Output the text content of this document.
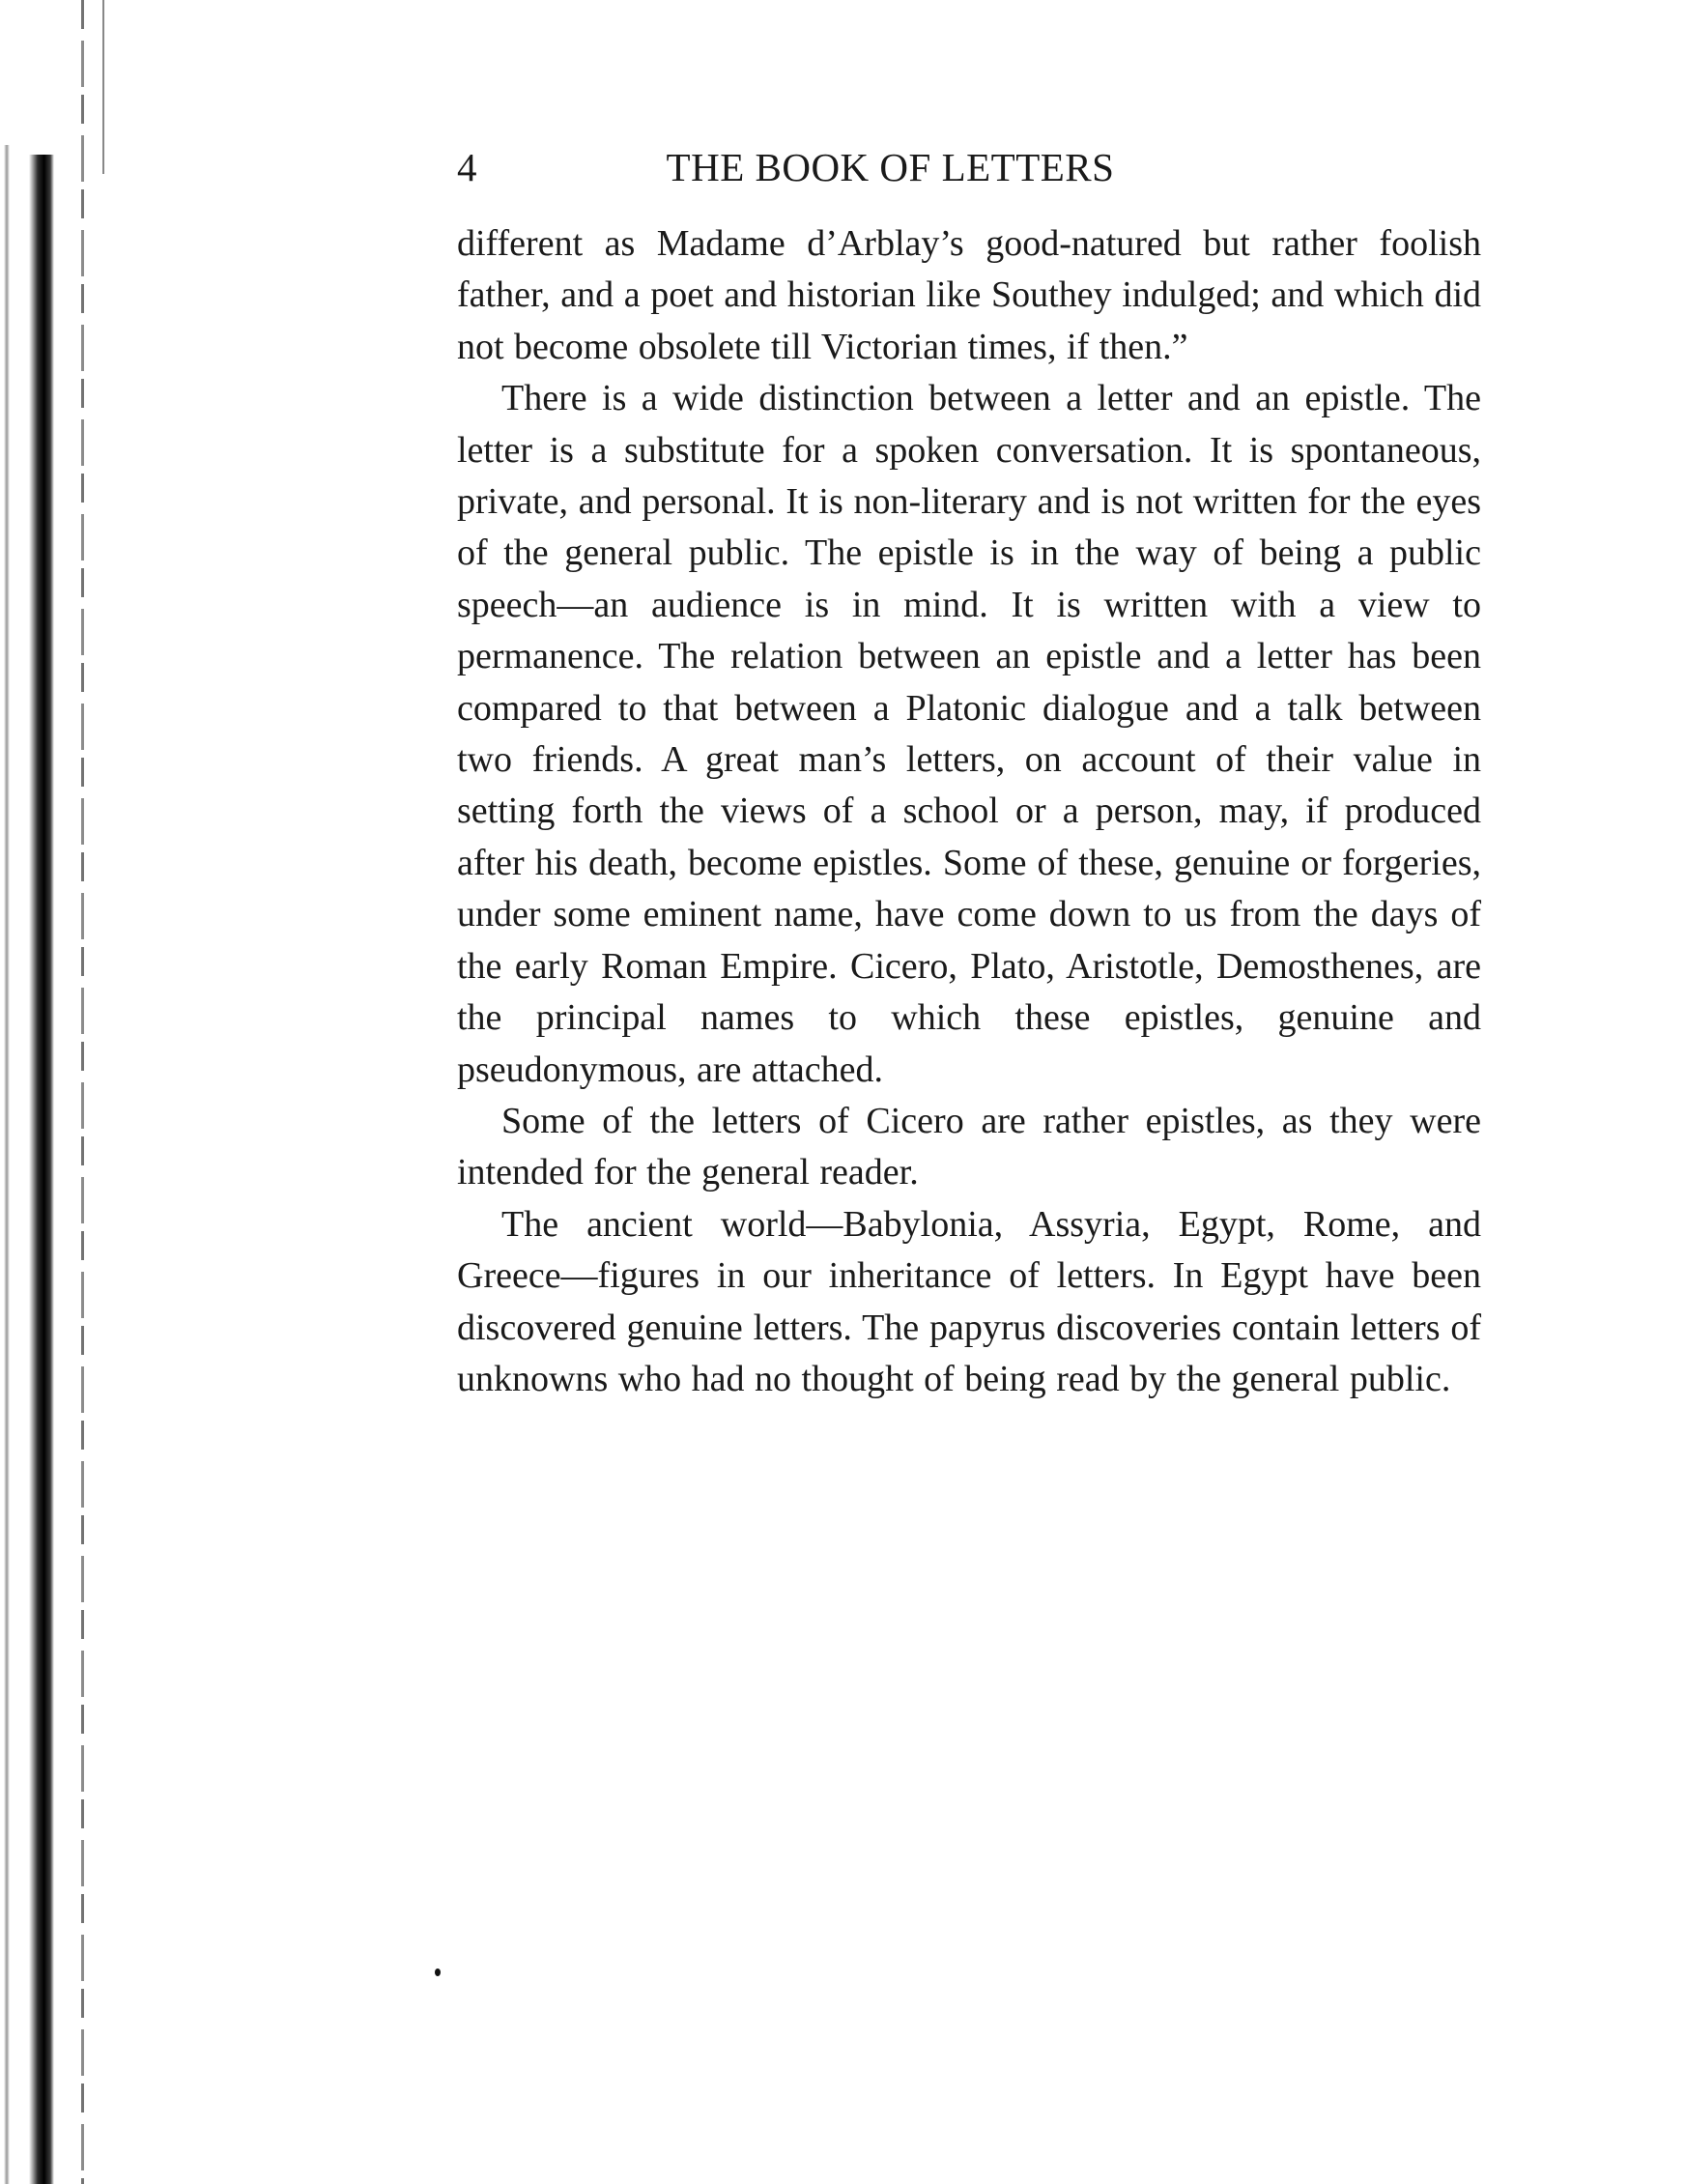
4	THE BOOK OF LETTERS

different as Madame d’Arblay’s good-natured but rather foolish father, and a poet and historian like Southey indulged; and which did not become obsolete till Victorian times, if then.”

There is a wide distinction between a letter and an epistle. The letter is a substitute for a spoken conversation. It is spontaneous, private, and personal. It is non-literary and is not written for the eyes of the general public. The epistle is in the way of being a public speech—an audience is in mind. It is written with a view to permanence. The relation between an epistle and a letter has been compared to that between a Platonic dialogue and a talk between two friends. A great man’s letters, on account of their value in setting forth the views of a school or a person, may, if produced after his death, become epistles. Some of these, genuine or forgeries, under some eminent name, have come down to us from the days of the early Roman Empire. Cicero, Plato, Aristotle, Demosthenes, are the principal names to which these epistles, genuine and pseudonymous, are attached.

Some of the letters of Cicero are rather epistles, as they were intended for the general reader.

The ancient world—Babylonia, Assyria, Egypt, Rome, and Greece—figures in our inheritance of letters. In Egypt have been discovered genuine letters. The papyrus discoveries contain letters of unknowns who had no thought of being read by the general public.
